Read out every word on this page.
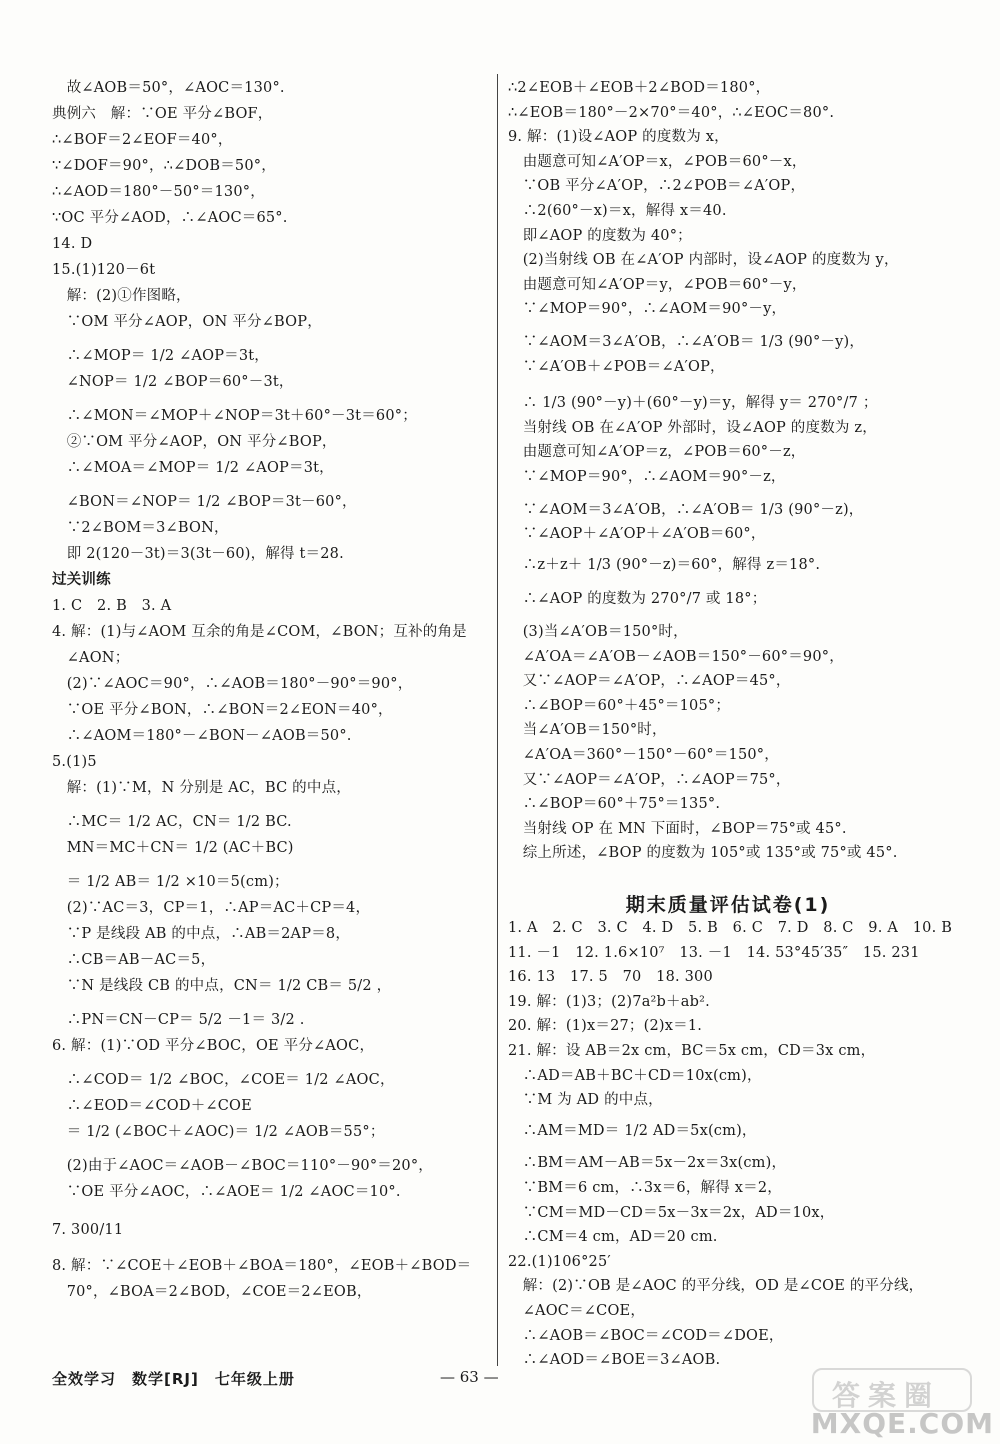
　故∠AOB＝50°，∠AOC＝130°.
典例六　解：∵OE 平分∠BOF，
∴∠BOF＝2∠EOF＝40°，
∵∠DOF＝90°，∴∠DOB＝50°，
∴∠AOD＝180°－50°＝130°，
∵OC 平分∠AOD，∴∠AOC＝65°.
14. D
15.(1)120－6t
　解：(2)①作图略，
　∵OM 平分∠AOP，ON 平分∠BOP，
　∴∠MOP＝ 1/2 ∠AOP＝3t，
　∠NOP＝ 1/2 ∠BOP＝60°－3t，
　∴∠MON＝∠MOP＋∠NOP＝3t＋60°－3t＝60°；
　②∵OM 平分∠AOP，ON 平分∠BOP，
　∴∠MOA＝∠MOP＝ 1/2 ∠AOP＝3t，
　∠BON＝∠NOP＝ 1/2 ∠BOP＝3t－60°，
　∵2∠BOM＝3∠BON，
　即 2(120－3t)＝3(3t－60)，解得 t＝28.
过关训练
1. C　2. B　3. A
4. 解：(1)与∠AOM 互余的角是∠COM，∠BON；互补的角是
　∠AON；
　(2)∵∠AOC＝90°，∴∠AOB＝180°－90°＝90°，
　∵OE 平分∠BON，∴∠BON＝2∠EON＝40°，
　∴∠AOM＝180°－∠BON－∠AOB＝50°.
5.(1)5
　解：(1)∵M，N 分别是 AC，BC 的中点，
　∴MC＝ 1/2 AC，CN＝ 1/2 BC.
　MN＝MC＋CN＝ 1/2 (AC＋BC)
　＝ 1/2 AB＝ 1/2 ×10＝5(cm)；
　(2)∵AC＝3，CP＝1，∴AP＝AC＋CP＝4，
　∵P 是线段 AB 的中点，∴AB＝2AP＝8，
　∴CB＝AB－AC＝5，
　∵N 是线段 CB 的中点，CN＝ 1/2 CB＝ 5/2 ，
　∴PN＝CN－CP＝ 5/2 －1＝ 3/2 .
6. 解：(1)∵OD 平分∠BOC，OE 平分∠AOC，
　∴∠COD＝ 1/2 ∠BOC，∠COE＝ 1/2 ∠AOC，
　∴∠EOD＝∠COD＋∠COE
　＝ 1/2 (∠BOC＋∠AOC)＝ 1/2 ∠AOB＝55°；
　(2)由于∠AOC＝∠AOB－∠BOC＝110°－90°＝20°，
　∵OE 平分∠AOC，∴∠AOE＝ 1/2 ∠AOC＝10°.
7. 300/11
8. 解：∵∠COE＋∠EOB＋∠BOA＝180°，∠EOB＋∠BOD＝
　70°，∠BOA＝2∠BOD，∠COE＝2∠EOB，
期末质量评估试卷(1)
∴2∠EOB＋∠EOB＋2∠BOD＝180°，
∴∠EOB＝180°－2×70°＝40°，∴∠EOC＝80°.
9. 解：(1)设∠AOP 的度数为 x，
　由题意可知∠A′OP＝x，∠POB＝60°－x，
　∵OB 平分∠A′OP，∴2∠POB＝∠A′OP，
　∴2(60°－x)＝x，解得 x＝40.
　即∠AOP 的度数为 40°；
　(2)当射线 OB 在∠A′OP 内部时，设∠AOP 的度数为 y，
　由题意可知∠A′OP＝y，∠POB＝60°－y，
　∵∠MOP＝90°，∴∠AOM＝90°－y，
　∵∠AOM＝3∠A′OB，∴∠A′OB＝ 1/3 (90°－y)，
　∵∠A′OB＋∠POB＝∠A′OP，
　∴ 1/3 (90°－y)＋(60°－y)＝y，解得 y＝ 270°/7 ；
　当射线 OB 在∠A′OP 外部时，设∠AOP 的度数为 z，
　由题意可知∠A′OP＝z，∠POB＝60°－z，
　∵∠MOP＝90°，∴∠AOM＝90°－z，
　∵∠AOM＝3∠A′OB，∴∠A′OB＝ 1/3 (90°－z)，
　∵∠AOP＋∠A′OP＋∠A′OB＝60°，
　∴z＋z＋ 1/3 (90°－z)＝60°，解得 z＝18°.
　∴∠AOP 的度数为 270°/7 或 18°；
　(3)当∠A′OB＝150°时，
　∠A′OA＝∠A′OB－∠AOB＝150°－60°＝90°，
　又∵∠AOP＝∠A′OP，∴∠AOP＝45°，
　∴∠BOP＝60°＋45°＝105°；
　当∠A′OB＝150°时，
　∠A′OA＝360°－150°－60°＝150°，
　又∵∠AOP＝∠A′OP，∴∠AOP＝75°，
　∴∠BOP＝60°＋75°＝135°.
　当射线 OP 在 MN 下面时，∠BOP＝75°或 45°.
　综上所述，∠BOP 的度数为 105°或 135°或 75°或 45°.
1. A　2. C　3. C　4. D　5. B　6. C　7. D　8. C　9. A　10. B
11. －1　12. 1.6×10⁷　13. －1　14. 53°45′35″　15. 231
16. 13　17. 5　70　18. 300
19. 解：(1)3；(2)7a²b＋ab².
20. 解：(1)x＝27；(2)x＝1.
21. 解：设 AB＝2x cm，BC＝5x cm，CD＝3x cm，
　∴AD＝AB＋BC＋CD＝10x(cm)，
　∵M 为 AD 的中点，
　∴AM＝MD＝ 1/2 AD＝5x(cm)，
　∴BM＝AM－AB＝5x－2x＝3x(cm)，
　∵BM＝6 cm，∴3x＝6，解得 x＝2，
　∵CM＝MD－CD＝5x－3x＝2x，AD＝10x，
　∴CM＝4 cm，AD＝20 cm.
22.(1)106°25′
　解：(2)∵OB 是∠AOC 的平分线，OD 是∠COE 的平分线，
　∠AOC＝∠COE，
　∴∠AOB＝∠BOC＝∠COD＝∠DOE，
　∴∠AOD＝∠BOE＝3∠AOB.
全效学习　数学[RJ]　七年级上册	— 63 —
答案圈
MXQE.COM
